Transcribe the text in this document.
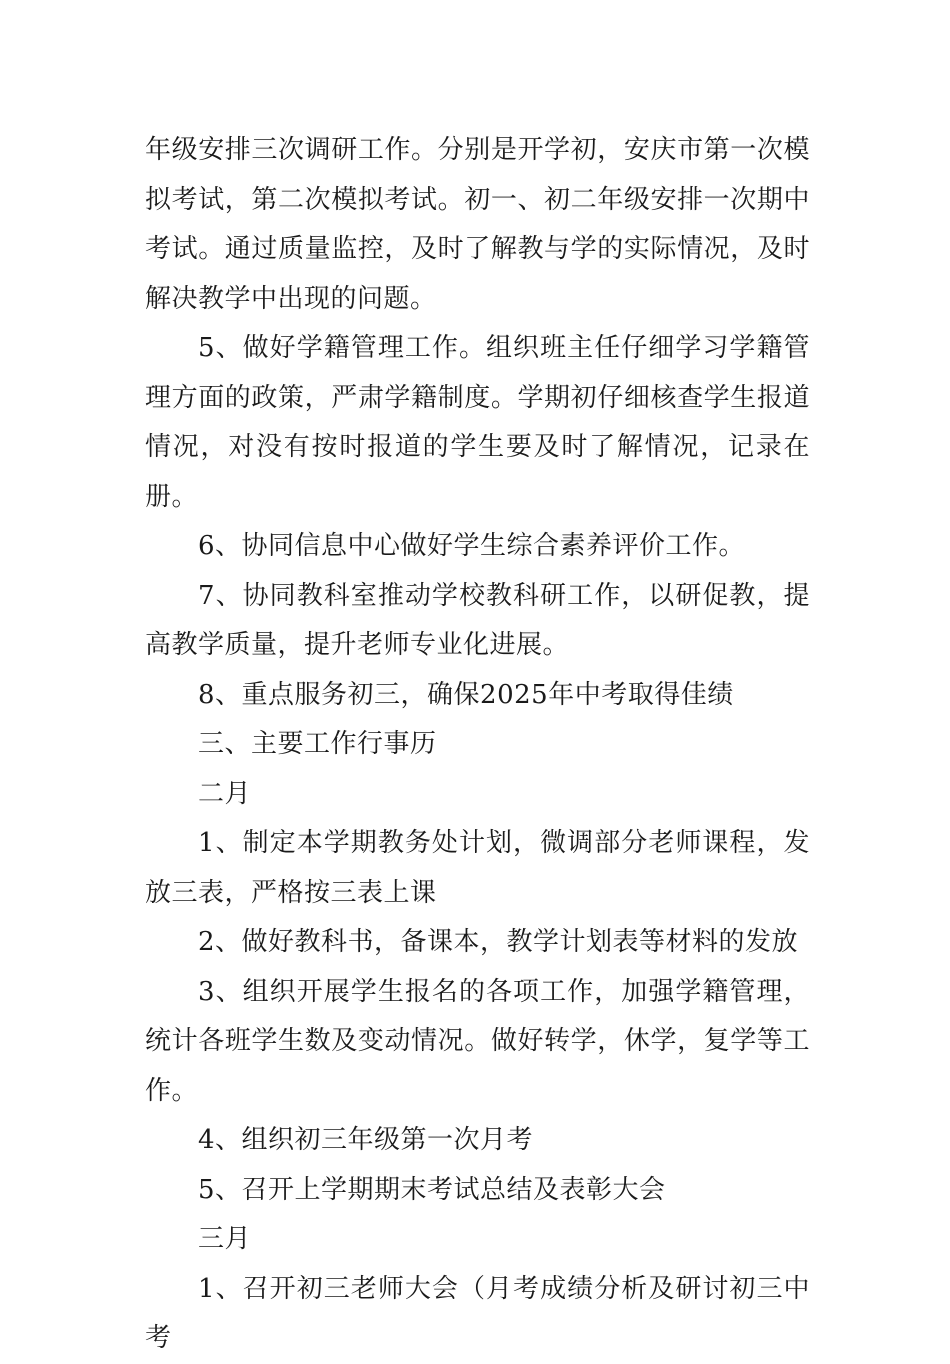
年级安排三次调研工作。分别是开学初，安庆市第一次模拟考试，第二次模拟考试。初一、初二年级安排一次期中考试。通过质量监控，及时了解教与学的实际情况，及时解决教学中出现的问题。

5、做好学籍管理工作。组织班主任仔细学习学籍管理方面的政策，严肃学籍制度。学期初仔细核查学生报道情况，对没有按时报道的学生要及时了解情况，记录在册。

6、协同信息中心做好学生综合素养评价工作。

7、协同教科室推动学校教科研工作，以研促教，提高教学质量，提升老师专业化进展。

8、重点服务初三，确保2025年中考取得佳绩

三、主要工作行事历

二月

1、制定本学期教务处计划，微调部分老师课程，发放三表，严格按三表上课

2、做好教科书，备课本，教学计划表等材料的发放

3、组织开展学生报名的各项工作，加强学籍管理，统计各班学生数及变动情况。做好转学，休学，复学等工作。

4、组织初三年级第一次月考

5、召开上学期期末考试总结及表彰大会

三月

1、召开初三老师大会（月考成绩分析及研讨初三中考
